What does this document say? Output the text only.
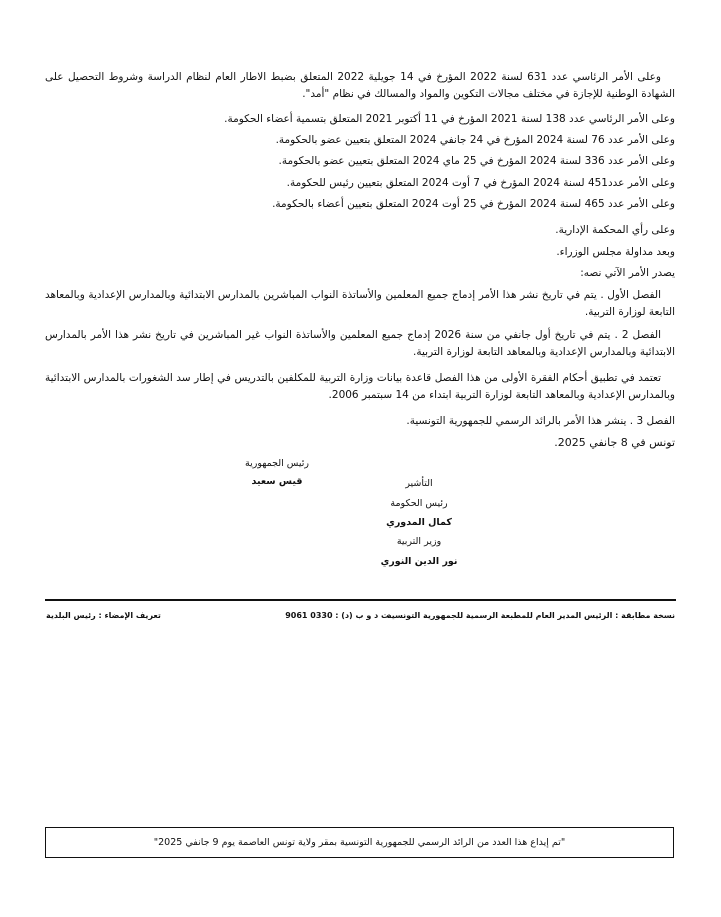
وعلى الأمر الرئاسي عدد 631 لسنة 2022 المؤرخ في 14 جويلية 2022 المتعلق بضبط الاطار العام لنظام الدراسة وشروط التحصيل على الشهادة الوطنية للإجازة في مختلف مجالات التكوين والمواد والمسالك في نظام "أمد".
وعلى الأمر الرئاسي عدد 138 لسنة 2021 المؤرخ في 11 أكتوبر 2021 المتعلق بتسمية أعضاء الحكومة.
وعلى الأمر عدد 76 لسنة 2024 المؤرخ في 24 جانفي 2024 المتعلق بتعيين عضو بالحكومة.
وعلى الأمر عدد 336 لسنة 2024 المؤرخ في 25 ماي 2024 المتعلق بتعيين عضو بالحكومة.
وعلى الأمر عدد451 لسنة 2024 المؤرخ في 7 أوت 2024 المتعلق بتعيين رئيس للحكومة.
وعلى الأمر عدد 465 لسنة 2024 المؤرخ في 25 أوت 2024 المتعلق بتعيين أعضاء بالحكومة.
وعلى رأي المحكمة الإدارية.
وبعد مداولة مجلس الوزراء.
يصدر الأمر الآتي نصه:
الفصل الأول . يتم في تاريخ نشر هذا الأمر إدماج جميع المعلمين والأساتذة النواب المباشرين بالمدارس الابتدائية وبالمدارس الإعدادية وبالمعاهد التابعة لوزارة التربية.
الفصل 2 . يتم في تاريخ أول جانفي من سنة 2026 إدماج جميع المعلمين والأساتذة النواب غير المباشرين في تاريخ نشر هذا الأمر بالمدارس الابتدائية وبالمدارس الإعدادية وبالمعاهد التابعة لوزارة التربية.
تعتمد في تطبيق أحكام الفقرة الأولى من هذا الفصل قاعدة بيانات وزارة التربية للمكلفين بالتدريس في إطار سد الشغورات بالمدارس الابتدائية وبالمدارس الإعدادية وبالمعاهد التابعة لوزارة التربية ابتداء من 14 سبتمبر 2006.
الفصل 3 . ينشر هذا الأمر بالرائد الرسمي للجمهورية التونسية.
تونس في 8 جانفي 2025.
رئيس الجمهورية
قيس سعيد	التأشير
رئيس الحكومة
كمال المدوري
وزير التربية
نور الدين النوري
نسخة مطابقة : الرئيس المدير العام للمطبعة الرسمية للجمهورية التونسية
ت د و ب (د) : 0330 9061
تعريف الإمضاء : رئيس البلدية
"تم إيداع هذا العدد من الرائد الرسمي للجمهورية التونسية بمقر ولاية تونس العاصمة يوم 9 جانفي 2025"
